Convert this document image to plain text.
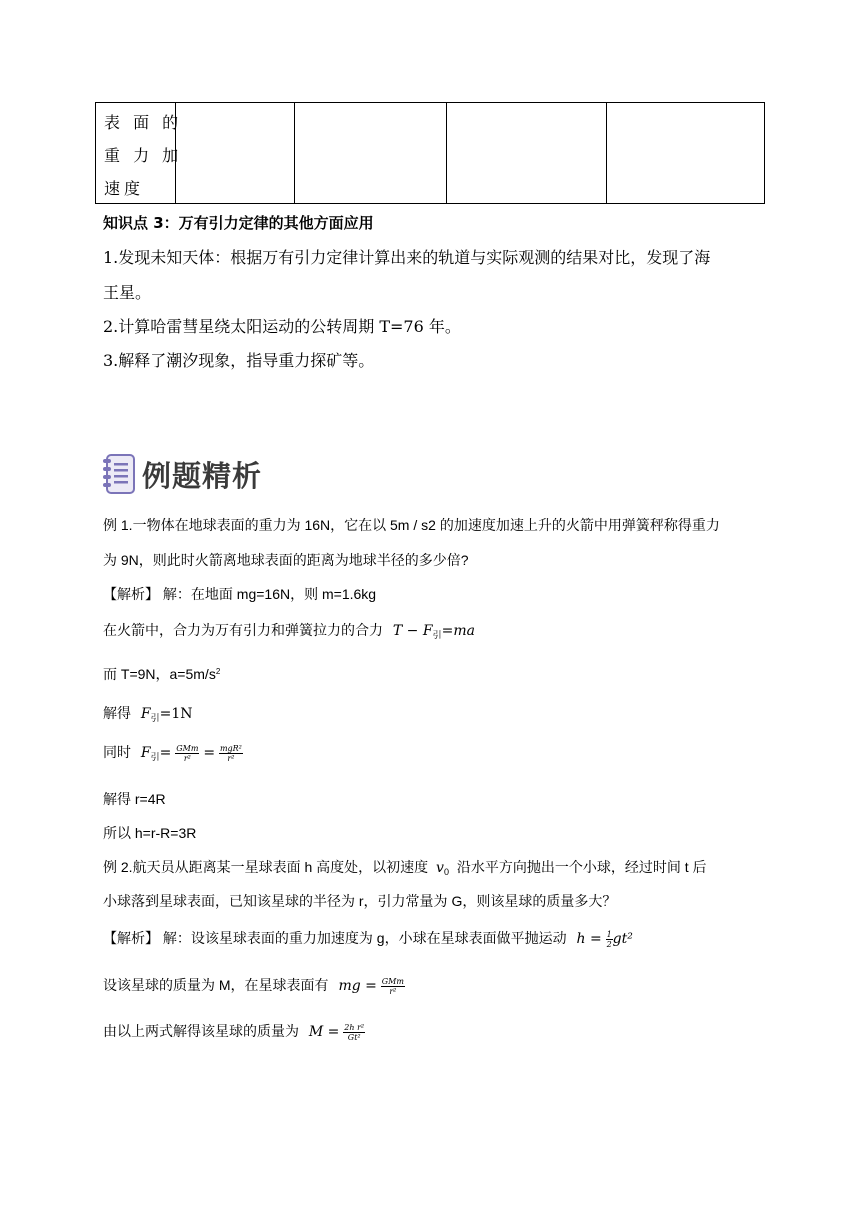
表 面 的
重 力 加
速度
知识点 3：万有引力定律的其他方面应用
1.发现未知天体：根据万有引力定律计算出来的轨道与实际观测的结果对比，发现了海
王星。
2.计算哈雷彗星绕太阳运动的公转周期 T=76 年。
3.解释了潮汐现象，指导重力探矿等。
例题精析
例 1.一物体在地球表面的重力为 16N，它在以 5m / s2 的加速度加速上升的火箭中用弹簧秤称得重力
为 9N，则此时火箭离地球表面的距离为地球半径的多少倍?
【解析】 解：在地面 mg=16N，则 m=1.6kg
在火箭中，合力为万有引力和弹簧拉力的合力 $T - F_引=ma$
而 T=9N，$a=5m/s^2$
解得 $F_引=1N$
同时 $F_引= \frac{\text{GMm}}{\text{r²}} = \frac{\text{mgR²}}{\text{r²}}$
解得 r=4R
所以 h=r-R=3R
例 2.航天员从距离某一星球表面 h 高度处，以初速度 $v_0$ 沿水平方向抛出一个小球，经过时间 t 后
小球落到星球表面，已知该星球的半径为 r，引力常量为 G，则该星球的质量多大？
【解析】 解：设该星球表面的重力加速度为 g，小球在星球表面做平抛运动 ℎ = $\frac{1}{2} gt^2$
设该星球的质量为 M，在星球表面有 mg = $\frac{\text{GMm}}{\text{r²}}$
由以上两式解得该星球的质量为 $M = \frac{\text{2ℎ r²}}{\text{Gt²}}$
